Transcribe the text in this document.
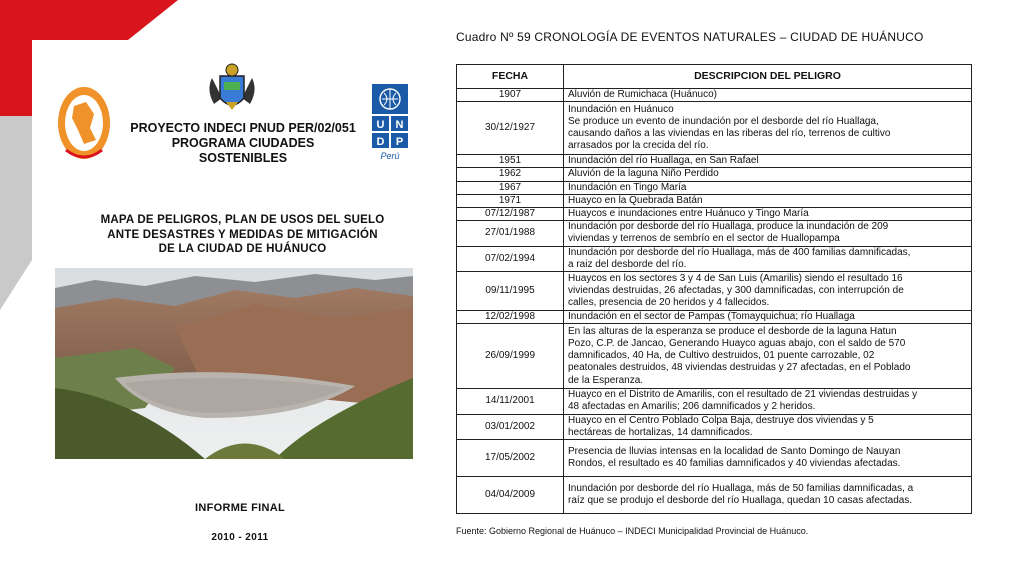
U N
D P
Perú
PROYECTO INDECI PNUD PER/02/051
PROGRAMA CIUDADES
SOSTENIBLES
MAPA DE PELIGROS, PLAN DE USOS DEL SUELO
ANTE DESASTRES Y MEDIDAS DE MITIGACIÓN
DE LA CIUDAD DE HUÁNUCO
INFORME FINAL
2010 - 2011
Cuadro Nº 59 CRONOLOGÍA DE EVENTOS NATURALES – CIUDAD DE HUÁNUCO
FECHA	DESCRIPCION DEL PELIGRO
1907	Aluvión de Rumichaca (Huánuco)

30/12/1927	Inundación en Huánuco
Se produce un evento de inundación por el desborde del río Huallaga,
causando daños a las viviendas en las riberas del río, terrenos de cultivo
arrasados por la crecida del río.

1951	Inundación del río Huallaga, en San Rafael

1962	Aluvión de la laguna Niño Perdido

1967	Inundación en Tingo María

1971	Huayco en la Quebrada Batán

07/12/1987	Huaycos e inundaciones entre Huánuco y Tingo María

27/01/1988	Inundación por desborde del río Huallaga, produce la inundación de 209
viviendas y terrenos de sembrío en el sector de Huallopampa

07/02/1994	Inundación por desborde del río Huallaga, más de 400 familias damnificadas,
a raiz del desborde del río.

09/11/1995	Huaycos en los sectores 3 y 4 de San Luis (Amarilis) siendo el resultado 16
viviendas destruidas, 26 afectadas, y 300 damnificadas, con interrupción de
calles, presencia de 20 heridos y 4 fallecidos.

12/02/1998	Inundación en el sector de Pampas (Tomayquichua; río Huallaga

26/09/1999	En las alturas de la esperanza se produce el desborde de la laguna Hatun
Pozo, C.P. de Jancao, Generando Huayco aguas abajo, con el saldo de 570
damnificados, 40 Ha, de Cultivo destruidos, 01 puente carrozable, 02
peatonales destruidos, 48 viviendas destruidas y 27 afectadas, en el Poblado
de la Esperanza.

14/11/2001	Huayco en el Distrito de Amarilis, con el resultado de 21 viviendas destruidas y
48 afectadas en Amarilis; 206 damnificados y 2 heridos.

03/01/2002	Huayco en el Centro Poblado Colpa Baja, destruye dos viviendas y 5
hectáreas de hortalizas, 14 damnificados.

17/05/2002	Presencia de lluvias intensas en la localidad de Santo Domingo de Nauyan
Rondos, el resultado es 40 familias damnificados y 40 viviendas afectadas.

04/04/2009	Inundación por desborde del río Huallaga, más de 50 familias damnificadas, a
raíz que se produjo el desborde del río Huallaga, quedan 10 casas afectadas.
Fuente: Gobierno Regional de Huánuco – INDECI Municipalidad Provincial de Huánuco.
